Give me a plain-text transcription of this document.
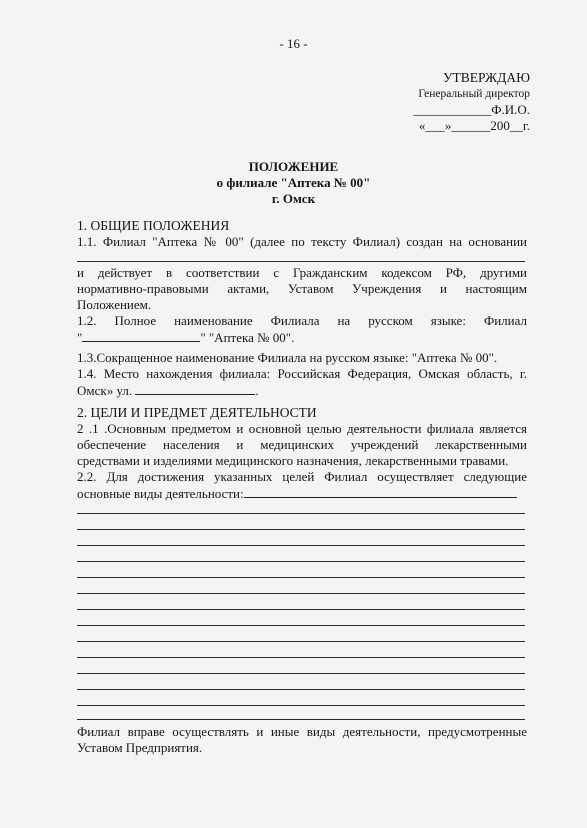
- 16 -
УТВЕРЖДАЮ
Генеральный директор
____________Ф.И.О.
«___»______200__г.
ПОЛОЖЕНИЕ
о филиале "Аптека № 00"
г. Омск
1. ОБЩИЕ ПОЛОЖЕНИЯ
1.1. Филиал "Аптека № 00" (далее по тексту Филиал) создан на основании
и действует в соответствии с Гражданским кодексом РФ, другими
нормативно-правовыми актами, Уставом Учреждения и настоящим
Положением.
1.2. Полное наименование Филиала на русском языке: Филиал
"	" "Аптека № 00".
1.3.Сокращенное наименование Филиала на русском языке: "Аптека № 00".
1.4. Место нахождения филиала: Российская Федерация, Омская область, г.
Омск» ул.	.
2. ЦЕЛИ И ПРЕДМЕТ ДЕЯТЕЛЬНОСТИ
2 .1 .Основным предметом и основной целью деятельности филиала является
обеспечение населения и медицинских учреждений лекарственными
средствами и изделиями медицинского назначения, лекарственными травами.
2.2. Для достижения указанных целей Филиал осуществляет следующие
основные виды деятельности:
Филиал вправе осуществлять и иные виды деятельности, предусмотренные
Уставом Предприятия.
